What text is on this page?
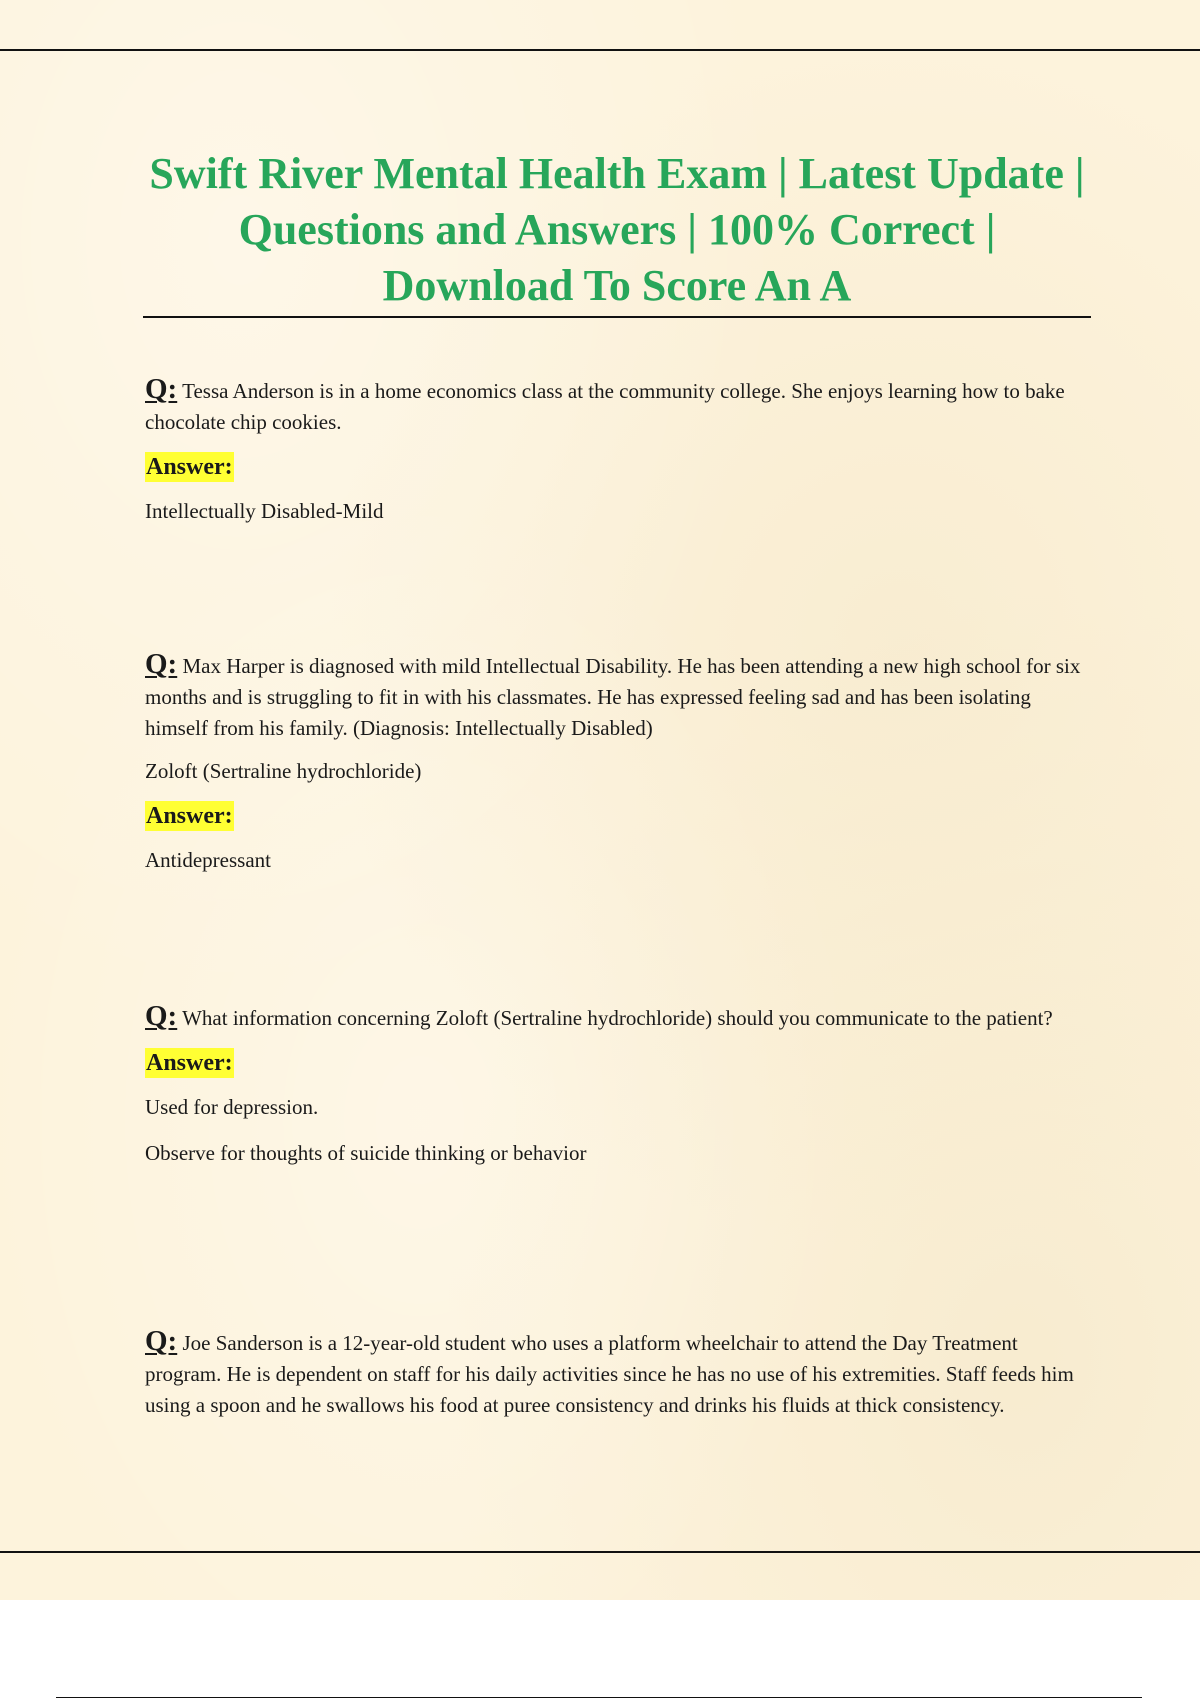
Swift River Mental Health Exam | Latest Update | Questions and Answers | 100% Correct | Download To Score An A

Q: Tessa Anderson is in a home economics class at the community college. She enjoys learning how to bake chocolate chip cookies.

Answer:

Intellectually Disabled-Mild

Q: Max Harper is diagnosed with mild Intellectual Disability. He has been attending a new high school for six months and is struggling to fit in with his classmates. He has expressed feeling sad and has been isolating himself from his family. (Diagnosis: Intellectually Disabled)

Zoloft (Sertraline hydrochloride)

Answer:

Antidepressant

Q: What information concerning Zoloft (Sertraline hydrochloride) should you communicate to the patient?

Answer:

Used for depression.

Observe for thoughts of suicide thinking or behavior

Q: Joe Sanderson is a 12-year-old student who uses a platform wheelchair to attend the Day Treatment program. He is dependent on staff for his daily activities since he has no use of his extremities. Staff feeds him using a spoon and he swallows his food at puree consistency and drinks his fluids at thick consistency.
